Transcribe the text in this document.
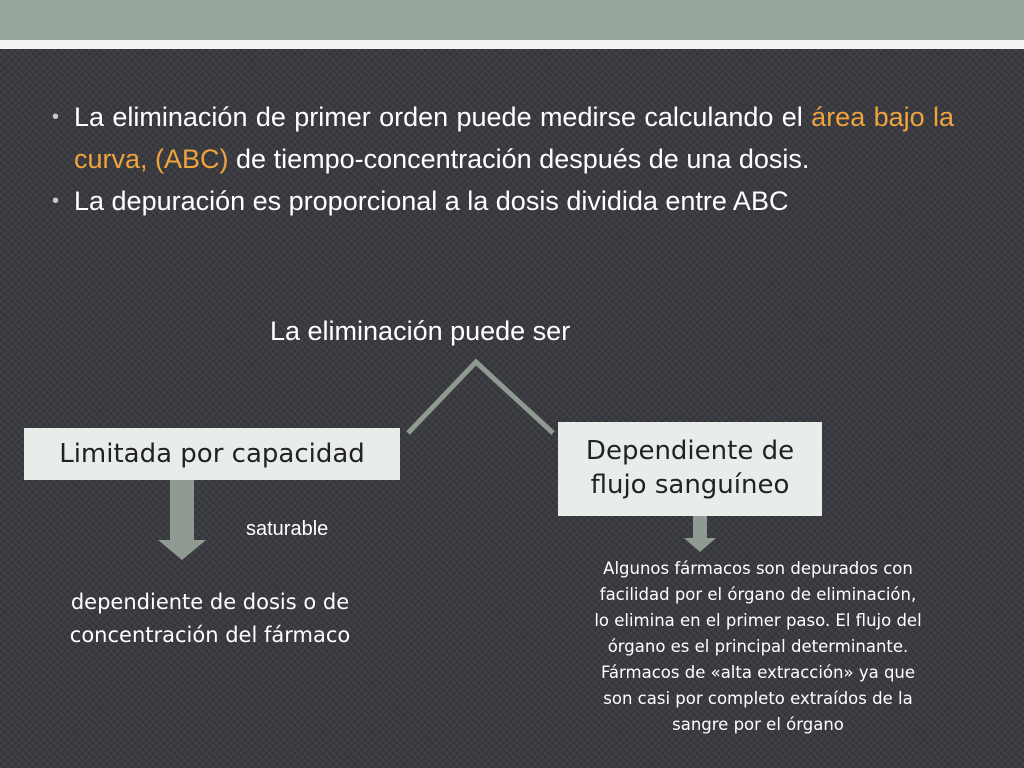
• La eliminación de primer orden puede medirse calculando el área bajo la curva, (ABC) de tiempo-concentración después de una dosis.
• La depuración es proporcional a la dosis dividida entre ABC
La eliminación puede ser
Limitada por capacidad	Dependiente de
flujo sanguíneo
saturable
dependiente de dosis o de
concentración del fármaco
Algunos fármacos son depurados con
facilidad por el órgano de eliminación,
lo elimina en el primer paso. El flujo del
órgano es el principal determinante.
Fármacos de «alta extracción» ya que
son casi por completo extraídos de la
sangre por el órgano
